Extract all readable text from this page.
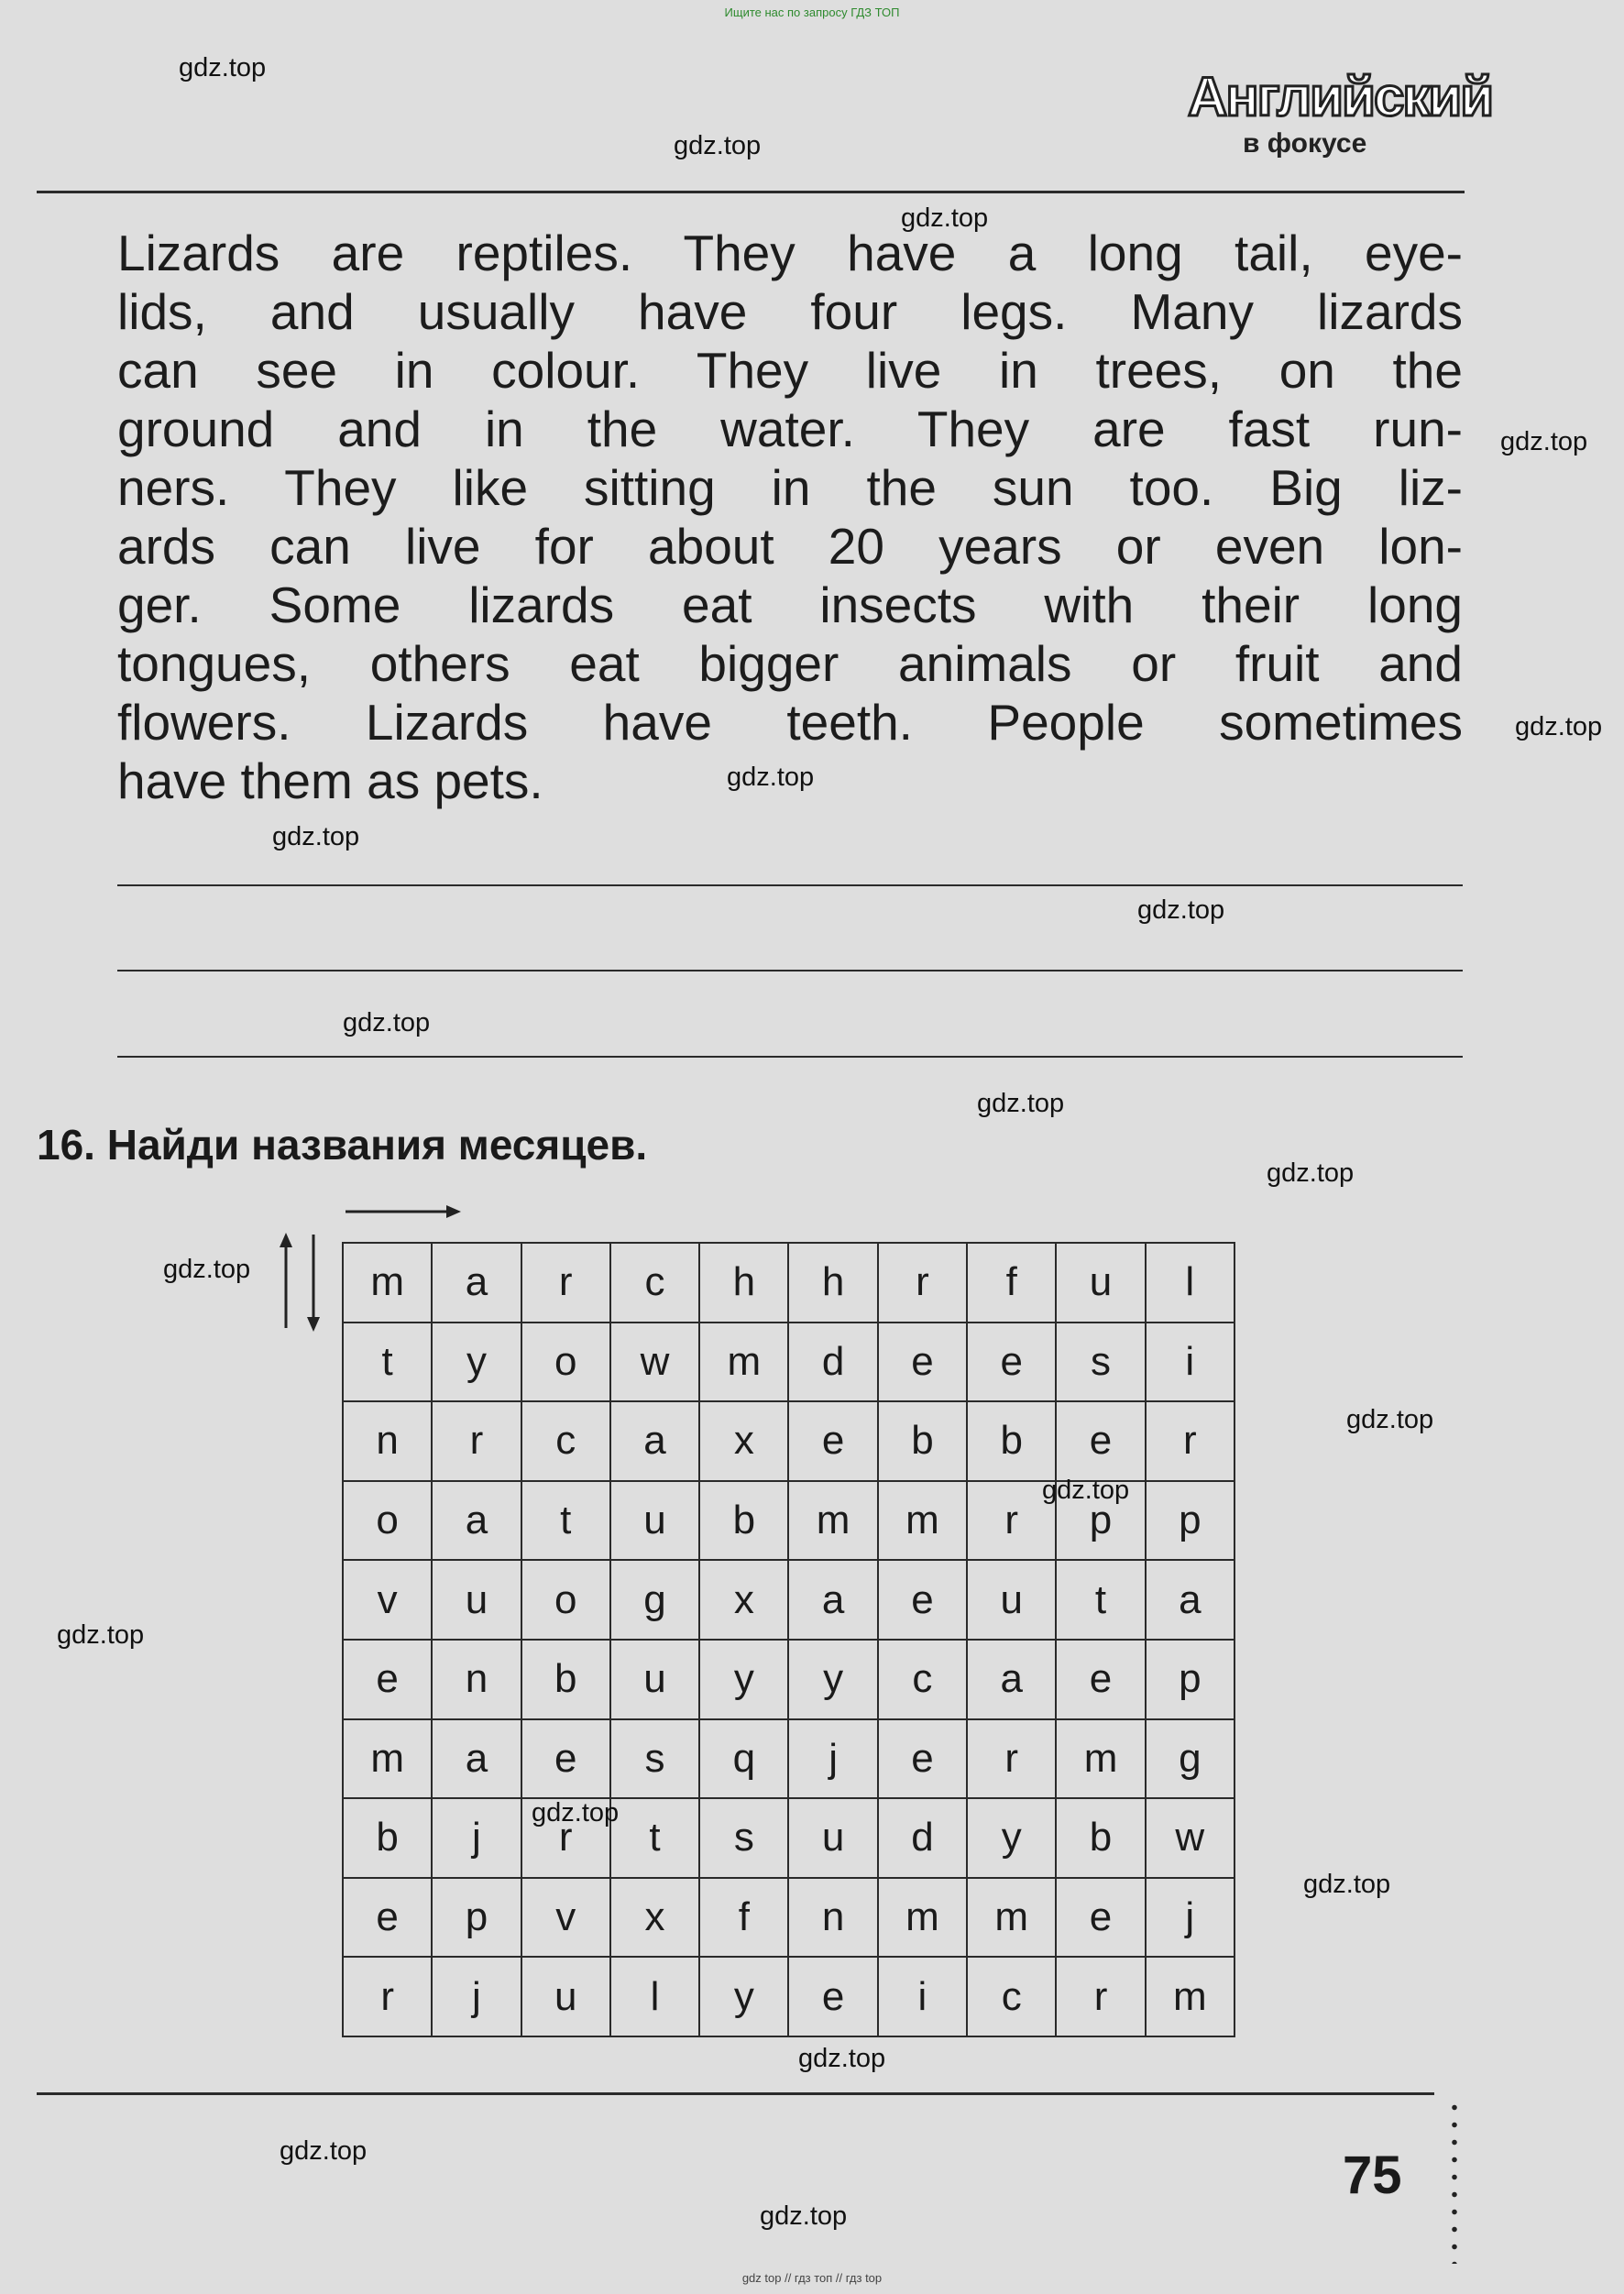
Ищите нас по запросу ГДЗ ТОП
Английский
в фокусе
Lizards are reptiles. They have a long tail, eye-
lids, and usually have four legs. Many lizards
can see in colour. They live in trees, on the
ground and in the water. They are fast run-
ners. They like sitting in the sun too. Big liz-
ards can live for about 20 years or even lon-
ger. Some lizards eat insects with their long
tongues, others eat bigger animals or fruit and
flowers. Lizards have teeth. People sometimes
have them as pets.
16. Найди названия месяцев.
m	a	r	c	h	h	r	f	u	l
t	y	o	w	m	d	e	e	s	i
n	r	c	a	x	e	b	b	e	r
o	a	t	u	b	m	m	r	p	p
v	u	o	g	x	a	e	u	t	a
e	n	b	u	y	y	c	a	e	p
m	a	e	s	q	j	e	r	m	g
b	j	r	t	s	u	d	y	b	w
e	p	v	x	f	n	m	m	e	j
r	j	u	l	y	e	i	c	r	m
75
gdz top // гдз топ // гдз top
gdz.top
gdz.top
gdz.top
gdz.top
gdz.top
gdz.top
gdz.top
gdz.top
gdz.top
gdz.top
gdz.top
gdz.top
gdz.top
gdz.top
gdz.top
gdz.top
gdz.top
gdz.top
gdz.top
gdz.top
